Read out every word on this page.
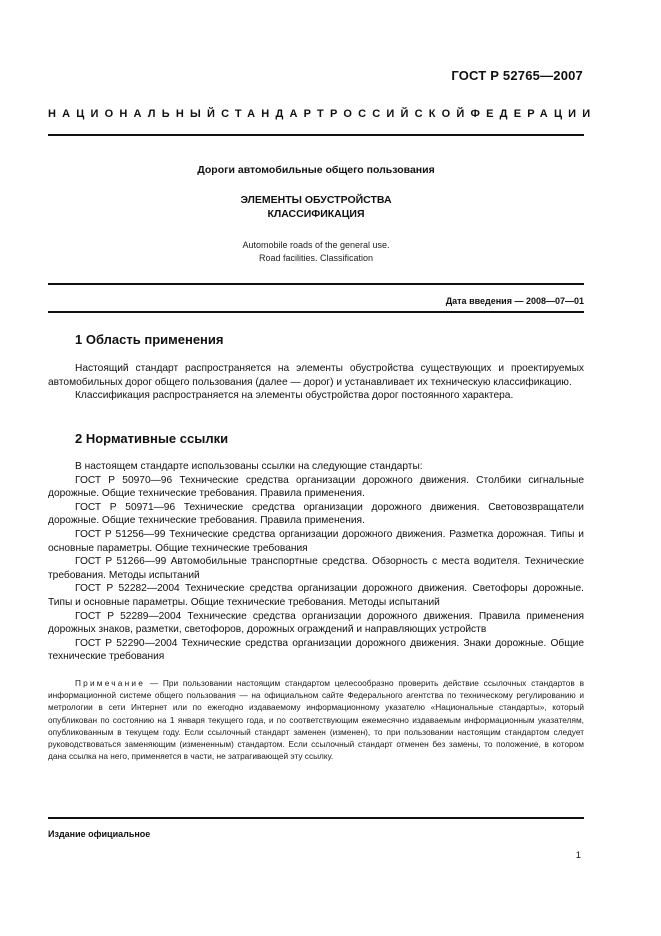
ГОСТ Р 52765—2007
НАЦИОНАЛЬНЫЙ СТАНДАРТ РОССИЙСКОЙ ФЕДЕРАЦИИ
Дороги автомобильные общего пользования
ЭЛЕМЕНТЫ ОБУСТРОЙСТВА
КЛАССИФИКАЦИЯ
Automobile roads of the general use.
Road facilities. Classification
Дата введения — 2008—07—01
1 Область применения

Настоящий стандарт распространяется на элементы обустройства существующих и проектируемых автомобильных дорог общего пользования (далее — дорог) и устанавливает их техническую классификацию.

Классификация распространяется на элементы обустройства дорог постоянного характера.

2 Нормативные ссылки

В настоящем стандарте использованы ссылки на следующие стандарты:

ГОСТ Р 50970—96 Технические средства организации дорожного движения. Столбики сигнальные дорожные. Общие технические требования. Правила применения.

ГОСТ Р 50971—96 Технические средства организации дорожного движения. Световозвращатели дорожные. Общие технические требования. Правила применения.

ГОСТ Р 51256—99 Технические средства организации дорожного движения. Разметка дорожная. Типы и основные параметры. Общие технические требования

ГОСТ Р 51266—99 Автомобильные транспортные средства. Обзорность с места водителя. Технические требования. Методы испытаний

ГОСТ Р 52282—2004 Технические средства организации дорожного движения. Светофоры дорожные. Типы и основные параметры. Общие технические требования. Методы испытаний

ГОСТ Р 52289—2004 Технические средства организации дорожного движения. Правила применения дорожных знаков, разметки, светофоров, дорожных ограждений и направляющих устройств

ГОСТ Р 52290—2004 Технические средства организации дорожного движения. Знаки дорожные. Общие технические требования

Примечание — При пользовании настоящим стандартом целесообразно проверить действие ссылочных стандартов в информационной системе общего пользования — на официальном сайте Федерального агентства по техническому регулированию и метрологии в сети Интернет или по ежегодно издаваемому информационному указателю «Национальные стандарты», который опубликован по состоянию на 1 января текущего года, и по соответствующим ежемесячно издаваемым информационным указателям, опубликованным в текущем году. Если ссылочный стандарт заменен (изменен), то при пользовании настоящим стандартом следует руководствоваться заменяющим (измененным) стандартом. Если ссылочный стандарт отменен без замены, то положение, в котором дана ссылка на него, применяется в части, не затрагивающей эту ссылку.

Издание официальное
1
